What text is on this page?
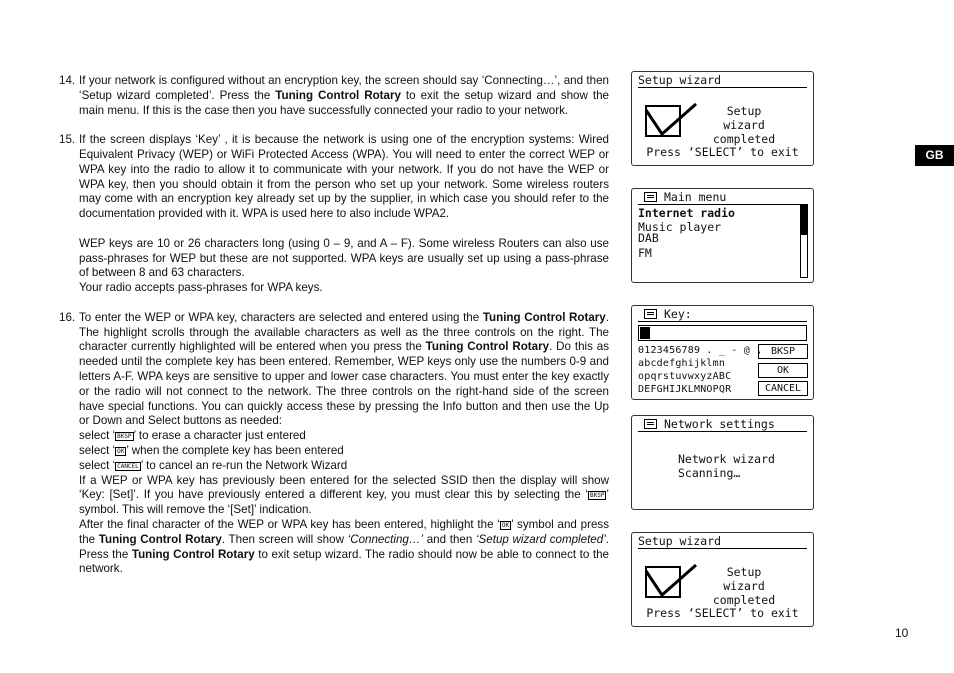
14. If your network is configured without an encryption key, the screen should say ‘Connecting…’, and then ‘Setup wizard completed’. Press the Tuning Control Rotary to exit the setup wizard and show the main menu. If this is the case then you have successfully connected your radio to your network.
15. If the screen displays ‘Key’ , it is because the network is using one of the encryption systems: Wired Equivalent Privacy (WEP) or WiFi Protected Access (WPA). You will need to enter the correct WEP or WPA key into the radio to allow it to communicate with your network. If you do not have the WEP or WPA key, then you should obtain it from the person who set up your network. Some wireless routers may come with an encryption key already set up by the supplier, in which case you should refer to the documentation provided with it. WPA is used here to also include WPA2.
WEP keys are 10 or 26 characters long (using 0 – 9, and A – F). Some wireless Routers can also use pass-phrases for WEP but these are not supported. WPA keys are usually set up using a pass-phrase of between 8 and 63 characters.
Your radio accepts pass-phrases for WPA keys.
16. To enter the WEP or WPA key, characters are selected and entered using the Tuning Control Rotary. The highlight scrolls through the available characters as well as the three controls on the right. The character currently highlighted will be entered when you press the Tuning Control Rotary. Do this as needed until the complete key has been entered. Remember, WEP keys only use the numbers 0-9 and letters A-F. WPA keys are sensitive to upper and lower case characters. You must enter the key exactly or the radio will not connect to the network. The three controls on the right-hand side of the screen have special functions. You can quickly access these by pressing the Info button and then use the Up or Down and Select buttons as needed:
select ‘ BKSP ’ to erase a character just entered
select ‘ OK ’ when the complete key has been entered
select ‘ CANCEL ’ to cancel an re-run the Network Wizard
If a WEP or WPA key has previously been entered for the selected SSID then the display will show ‘Key: [Set]’. If you have previously entered a different key, you must clear this by selecting the ‘ BKSP ’ symbol. This will remove the ‘[Set]’ indication.
After the final character of the WEP or WPA key has been entered, highlight the ‘ OK ’ symbol and press the Tuning Control Rotary. Then screen will show ‘Connecting…’ and then ‘Setup wizard completed’. Press the Tuning Control Rotary to exit setup wizard. The radio should now be able to connect to the network.
Setup wizard
Setup wizard
completed
Press ‘SELECT’ to exit
Main menu
Internet radio
Music player
DAB
FM
Key:
0123456789 . _ - @ ,
abcdefghijklmn
opqrstuvwxyzABC
DEFGHIJKLMNOPQR
BKSP
OK
CANCEL
Network settings
Network wizard
Scanning…
Setup wizard
Setup wizard
completed
Press ‘SELECT’ to exit
GB
10
